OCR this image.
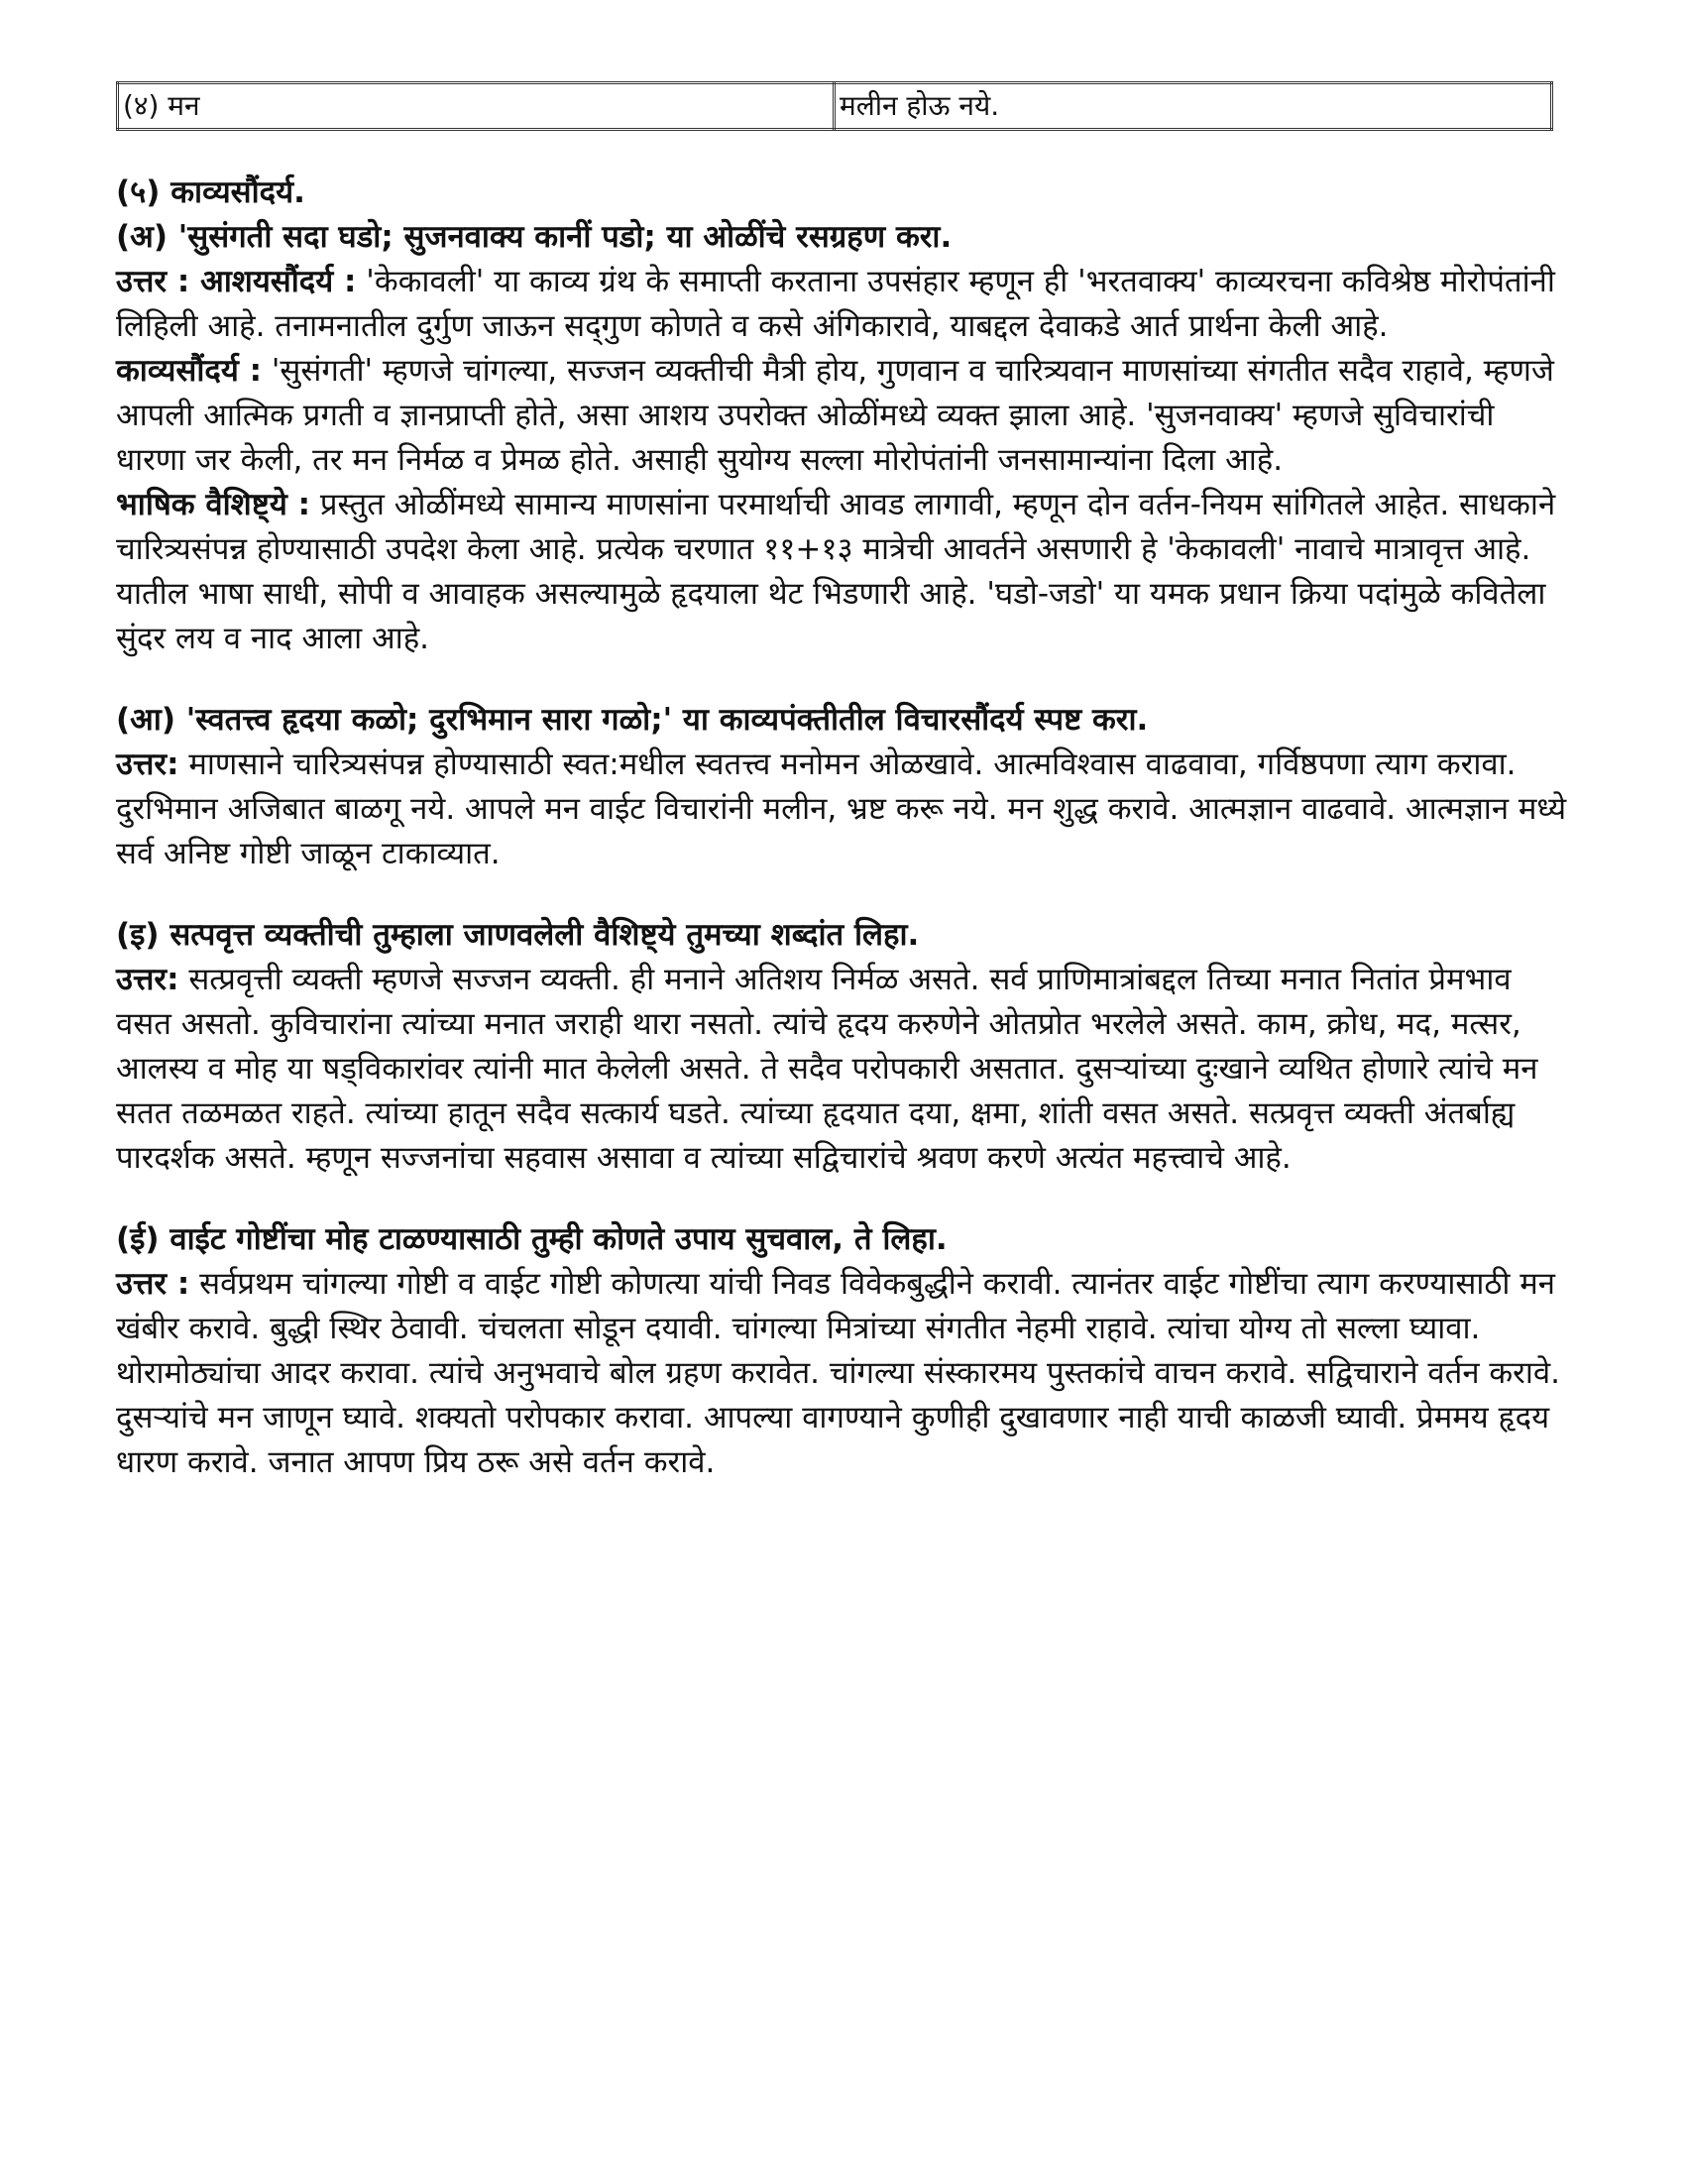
(४) मन	मलीन होऊ नये.

(५) काव्यसौंदर्य.

(अ) 'सुसंगती सदा घडो; सुजनवाक्य कानीं पडो; या ओळींचे रसग्रहण करा.

उत्तर : आशयसौंदर्य : 'केकावली' या काव्य ग्रंथ के समाप्ती करताना उपसंहार म्हणून ही 'भरतवाक्य' काव्यरचना कविश्रेष्ठ मोरोपंतांनी लिहिली आहे. तनामनातील दुर्गुण जाऊन सद्‌गुण कोणते व कसे अंगिकारावे, याबद्दल देवाकडे आर्त प्रार्थना केली आहे.

काव्यसौंदर्य : 'सुसंगती' म्हणजे चांगल्या, सज्जन व्यक्तीची मैत्री होय, गुणवान व चारित्र्यवान माणसांच्या संगतीत सदैव राहावे, म्हणजे आपली आत्मिक प्रगती व ज्ञानप्राप्ती होते, असा आशय उपरोक्त ओळींमध्ये व्यक्त झाला आहे. 'सुजनवाक्य' म्हणजे सुविचारांची धारणा जर केली, तर मन निर्मळ व प्रेमळ होते. असाही सुयोग्य सल्ला मोरोपंतांनी जनसामान्यांना दिला आहे.

भाषिक वैशिष्ट्ये : प्रस्तुत ओळींमध्ये सामान्य माणसांना परमार्थाची आवड लागावी, म्हणून दोन वर्तन-नियम सांगितले आहेत. साधकाने चारित्र्यसंपन्न होण्यासाठी उपदेश केला आहे. प्रत्येक चरणात ११+१३ मात्रेची आवर्तने असणारी हे 'केकावली' नावाचे मात्रावृत्त आहे. यातील भाषा साधी, सोपी व आवाहक असल्यामुळे हृदयाला थेट भिडणारी आहे. 'घडो-जडो' या यमक प्रधान क्रिया पदांमुळे कवितेला सुंदर लय व नाद आला आहे.

(आ) 'स्वतत्त्व हृदया कळो; दुरभिमान सारा गळो;' या काव्यपंक्तीतील विचारसौंदर्य स्पष्ट करा.

उत्तर: माणसाने चारित्र्यसंपन्न होण्यासाठी स्वत:मधील स्वतत्त्व मनोमन ओळखावे. आत्मविश्वास वाढवावा, गर्विष्ठपणा त्याग करावा. दुरभिमान अजिबात बाळगू नये. आपले मन वाईट विचारांनी मलीन, भ्रष्ट करू नये. मन शुद्ध करावे. आत्मज्ञान वाढवावे. आत्मज्ञान मध्ये सर्व अनिष्ट गोष्टी जाळून टाकाव्यात.

(इ) सत्पवृत्त व्यक्तीची तुम्हाला जाणवलेली वैशिष्ट्ये तुमच्या शब्दांत लिहा.

उत्तर: सत्प्रवृत्ती व्यक्ती म्हणजे सज्जन व्यक्ती. ही मनाने अतिशय निर्मळ असते. सर्व प्राणिमात्रांबद्दल तिच्या मनात नितांत प्रेमभाव वसत असतो. कुविचारांना त्यांच्या मनात जराही थारा नसतो. त्यांचे हृदय करुणेने ओतप्रोत भरलेले असते. काम, क्रोध, मद, मत्सर, आलस्य व मोह या षड्‌विकारांवर त्यांनी मात केलेली असते. ते सदैव परोपकारी असतात. दुसऱ्यांच्या दुःखाने व्यथित होणारे त्यांचे मन सतत तळमळत राहते. त्यांच्या हातून सदैव सत्कार्य घडते. त्यांच्या हृदयात दया, क्षमा, शांती वसत असते. सत्प्रवृत्त व्यक्ती अंतर्बाह्य पारदर्शक असते. म्हणून सज्जनांचा सहवास असावा व त्यांच्या सद्विचारांचे श्रवण करणे अत्यंत महत्त्वाचे आहे.

(ई) वाईट गोष्टींचा मोह टाळण्यासाठी तुम्ही कोणते उपाय सुचवाल, ते लिहा.

उत्तर : सर्वप्रथम चांगल्या गोष्टी व वाईट गोष्टी कोणत्या यांची निवड विवेकबुद्धीने करावी. त्यानंतर वाईट गोष्टींचा त्याग करण्यासाठी मन खंबीर करावे. बुद्धी स्थिर ठेवावी. चंचलता सोडून दयावी. चांगल्या मित्रांच्या संगतीत नेहमी राहावे. त्यांचा योग्य तो सल्ला घ्यावा. थोरामोठ्यांचा आदर करावा. त्यांचे अनुभवाचे बोल ग्रहण करावेत. चांगल्या संस्कारमय पुस्तकांचे वाचन करावे. सद्विचाराने वर्तन करावे. दुसऱ्यांचे मन जाणून घ्यावे. शक्यतो परोपकार करावा. आपल्या वागण्याने कुणीही दुखावणार नाही याची काळजी घ्यावी. प्रेममय हृदय धारण करावे. जनात आपण प्रिय ठरू असे वर्तन करावे.
